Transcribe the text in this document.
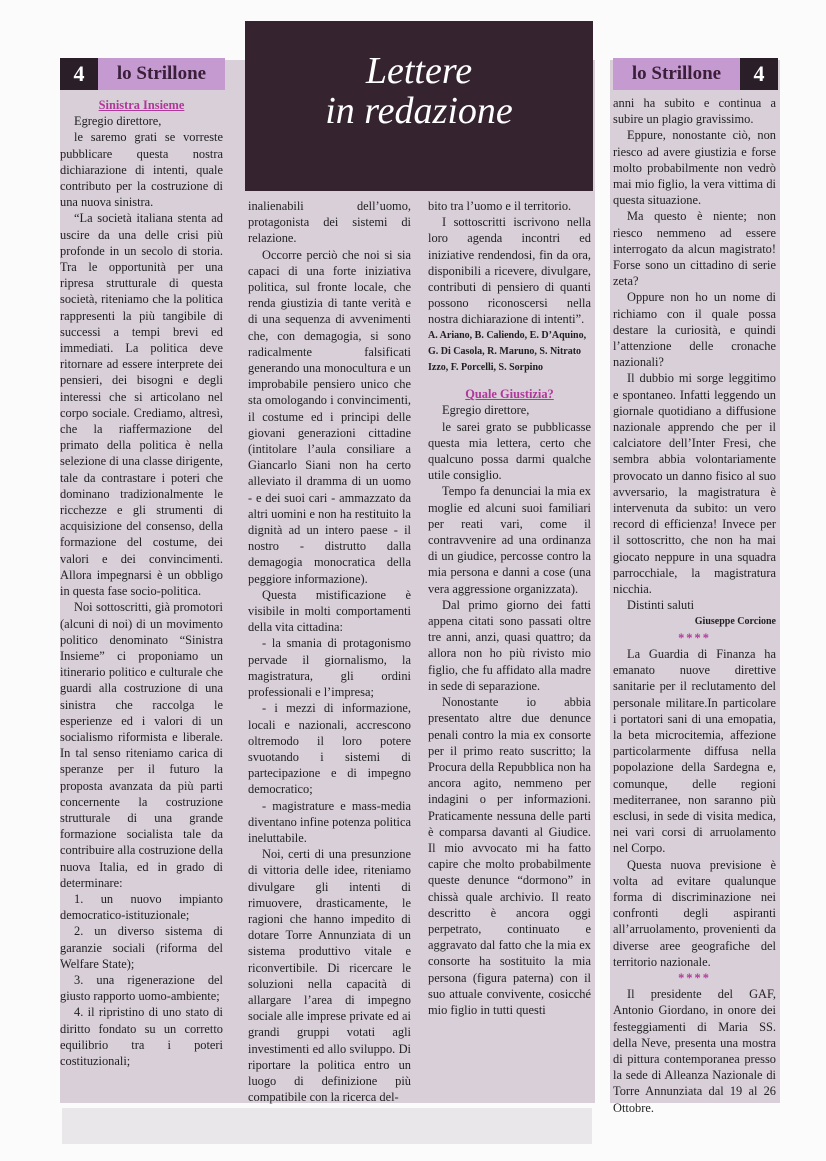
4	lo Strillone	lo Strillone	4

Sinistra Insieme

Egregio direttore,

le saremo grati se vorreste pubblicare questa nostra dichiarazione di intenti, quale contributo per la costruzione di una nuova sinistra.

“La società italiana stenta ad uscire da una delle crisi più profonde in un secolo di storia. Tra le opportunità per una ripresa strutturale di questa società, riteniamo che la politica rappresenti la più tangibile di successi a tempi brevi ed immediati. La politica deve ritornare ad essere interprete dei pensieri, dei bisogni e degli interessi che si articolano nel corpo sociale. Crediamo, altresì, che la riaffermazione del primato della politica è nella selezione di una classe dirigente, tale da contrastare i poteri che dominano tradizionalmente le ricchezze e gli strumenti di acquisizione del consenso, della formazione del costume, dei valori e dei convincimenti. Allora impegnarsi è un obbligo in questa fase socio-politica.

Noi sottoscritti, già promotori (alcuni di noi) di un movimento politico denominato “Sinistra Insieme” ci proponiamo un itinerario politico e culturale che guardi alla costruzione di una sinistra che raccolga le esperienze ed i valori di un socialismo riformista e liberale. In tal senso riteniamo carica di speranze per il futuro la proposta avanzata da più parti concernente la costruzione strutturale di una grande formazione socialista tale da contribuire alla costruzione della nuova Italia, ed in grado di determinare:

1. un nuovo impianto democratico-istituzionale;

2. un diverso sistema di garanzie sociali (riforma del Welfare State);

3. una rigenerazione del giusto rapporto uomo-ambiente;

4. il ripristino di uno stato di diritto fondato su un corretto equilibrio tra i poteri costituzionali;

inalienabili dell’uomo, protagonista dei sistemi di relazione.

Occorre perciò che noi si sia capaci di una forte iniziativa politica, sul fronte locale, che renda giustizia di tante verità e di una sequenza di avvenimenti che, con demagogia, si sono radicalmente falsificati generando una monocultura e un improbabile pensiero unico che sta omologando i convincimenti, il costume ed i principi delle giovani generazioni cittadine (intitolare l’aula consiliare a Giancarlo Siani non ha certo alleviato il dramma di un uomo - e dei suoi cari - ammazzato da altri uomini e non ha restituito la dignità ad un intero paese - il nostro - distrutto dalla demagogia monocratica della peggiore informazione).

Questa mistificazione è visibile in molti comportamenti della vita cittadina:

- la smania di protagonismo pervade il giornalismo, la magistratura, gli ordini professionali e l’impresa;

- i mezzi di informazione, locali e nazionali, accrescono oltremodo il loro potere svuotando i sistemi di partecipazione e di impegno democratico;

- magistrature e mass-media diventano infine potenza politica ineluttabile.

Noi, certi di una presunzione di vittoria delle idee, riteniamo divulgare gli intenti di rimuovere, drasticamente, le ragioni che hanno impedito di dotare Torre Annunziata di un sistema produttivo vitale e riconvertibile. Di ricercare le soluzioni nella capacità di allargare l’area di impegno sociale alle imprese private ed ai grandi gruppi votati agli investimenti ed allo sviluppo. Di riportare la politica entro un luogo di definizione più compatibile con la ricerca del-

bito tra l’uomo e il territorio.

I sottoscritti iscrivono nella loro agenda incontri ed iniziative rendendosi, fin da ora, disponibili a ricevere, divulgare, contributi di pensiero di quanti possono riconoscersi nella nostra dichiarazione di intenti”.

A. Ariano, B. Caliendo, E. D’Aquino, G. Di Casola, R. Maruno, S. Nitrato Izzo, F. Porcelli, S. Sorpino

Quale Giustizia?

Egregio direttore,

le sarei grato se pubblicasse questa mia lettera, certo che qualcuno possa darmi qualche utile consiglio.

Tempo fa denunciai la mia ex moglie ed alcuni suoi familiari per reati vari, come il contravvenire ad una ordinanza di un giudice, percosse contro la mia persona e danni a cose (una vera aggressione organizzata).

Dal primo giorno dei fatti appena citati sono passati oltre tre anni, anzi, quasi quattro; da allora non ho più rivisto mio figlio, che fu affidato alla madre in sede di separazione.

Nonostante io abbia presentato altre due denunce penali contro la mia ex consorte per il primo reato suscritto; la Procura della Repubblica non ha ancora agito, nemmeno per indagini o per informazioni. Praticamente nessuna delle parti è comparsa davanti al Giudice. Il mio avvocato mi ha fatto capire che molto probabilmente queste denunce “dormono” in chissà quale archivio. Il reato descritto è ancora oggi perpetrato, continuato e aggravato dal fatto che la mia ex consorte ha sostituito la mia persona (figura paterna) con il suo attuale convivente, cosicché mio figlio in tutti questi

anni ha subito e continua a subire un plagio gravissimo.

Eppure, nonostante ciò, non riesco ad avere giustizia e forse molto probabilmente non vedrò mai mio figlio, la vera vittima di questa situazione.

Ma questo è niente; non riesco nemmeno ad essere interrogato da alcun magistrato! Forse sono un cittadino di serie zeta?

Oppure non ho un nome di richiamo con il quale possa destare la curiosità, e quindi l’attenzione delle cronache nazionali?

Il dubbio mi sorge leggitimo e spontaneo. Infatti leggendo un giornale quotidiano a diffusione nazionale apprendo che per il calciatore dell’Inter Fresi, che sembra abbia volontariamente provocato un danno fisico al suo avversario, la magistratura è intervenuta da subito: un vero record di efficienza! Invece per il sottoscritto, che non ha mai giocato neppure in una squadra parrocchiale, la magistratura nicchia.

Distinti saluti

Giuseppe Corcione

****

La Guardia di Finanza ha emanato nuove direttive sanitarie per il reclutamento del personale militare.In particolare i portatori sani di una emopatia, la beta microcitemia, affezione particolarmente diffusa nella popolazione della Sardegna e, comunque, delle regioni mediterranee, non saranno più esclusi, in sede di visita medica, nei vari corsi di arruolamento nel Corpo.

Questa nuova previsione è volta ad evitare qualunque forma di discriminazione nei confronti degli aspiranti all’arruolamento, provenienti da diverse aree geografiche del territorio nazionale.

****

Il presidente del GAF, Antonio Giordano, in onore dei festeggiamenti di Maria SS. della Neve, presenta una mostra di pittura contemporanea presso la sede di Alleanza Nazionale di Torre Annunziata dal 19 al 26 Ottobre.

Lettere
in redazione
